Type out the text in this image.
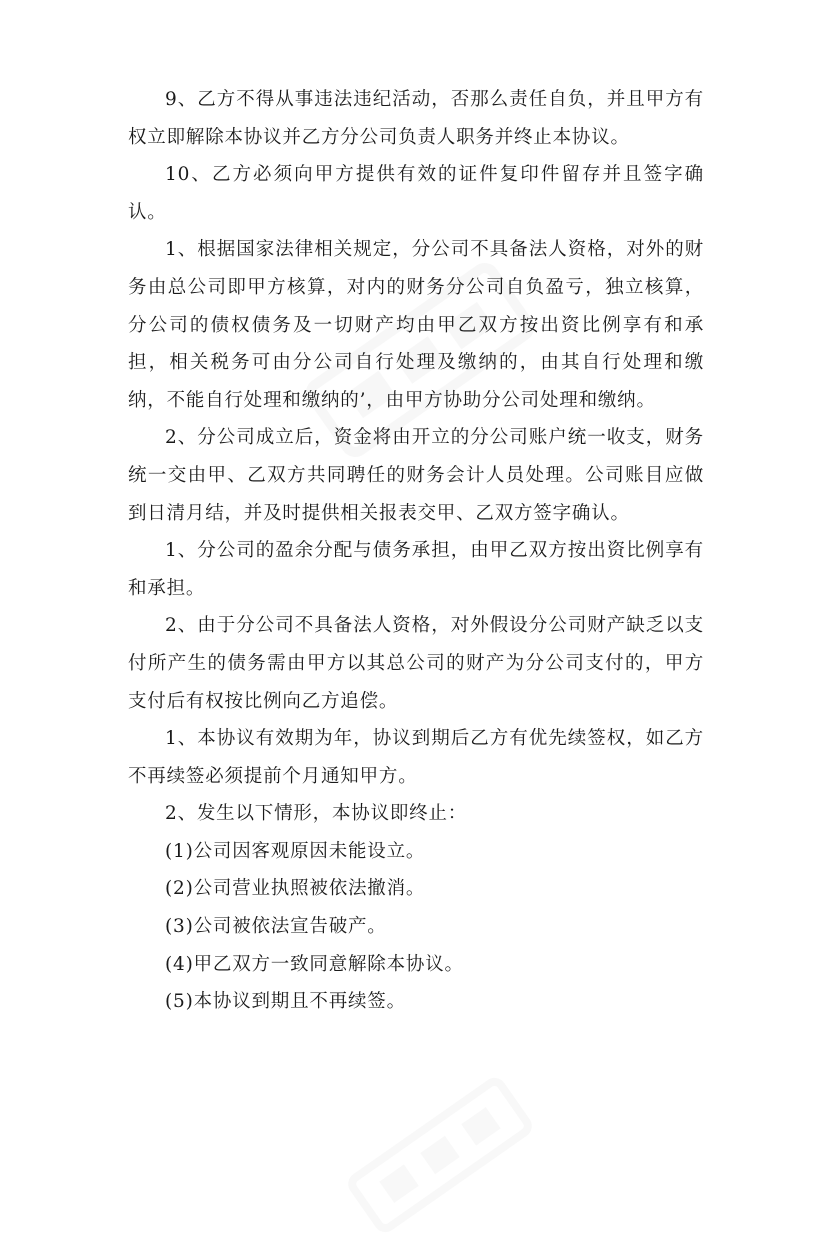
9、乙方不得从事违法违纪活动，否那么责任自负，并且甲方有权立即解除本协议并乙方分公司负责人职务并终止本协议。

10、乙方必须向甲方提供有效的证件复印件留存并且签字确认。

1、根据国家法律相关规定，分公司不具备法人资格，对外的财务由总公司即甲方核算，对内的财务分公司自负盈亏，独立核算，分公司的债权债务及一切财产均由甲乙双方按出资比例享有和承担，相关税务可由分公司自行处理及缴纳的，由其自行处理和缴纳，不能自行处理和缴纳的’，由甲方协助分公司处理和缴纳。

2、分公司成立后，资金将由开立的分公司账户统一收支，财务统一交由甲、乙双方共同聘任的财务会计人员处理。公司账目应做到日清月结，并及时提供相关报表交甲、乙双方签字确认。

1、分公司的盈余分配与债务承担，由甲乙双方按出资比例享有和承担。

2、由于分公司不具备法人资格，对外假设分公司财产缺乏以支付所产生的债务需由甲方以其总公司的财产为分公司支付的，甲方支付后有权按比例向乙方追偿。

1、本协议有效期为年，协议到期后乙方有优先续签权，如乙方不再续签必须提前个月通知甲方。

2、发生以下情形，本协议即终止：

(1)公司因客观原因未能设立。

(2)公司营业执照被依法撤消。

(3)公司被依法宣告破产。

(4)甲乙双方一致同意解除本协议。

(5)本协议到期且不再续签。
